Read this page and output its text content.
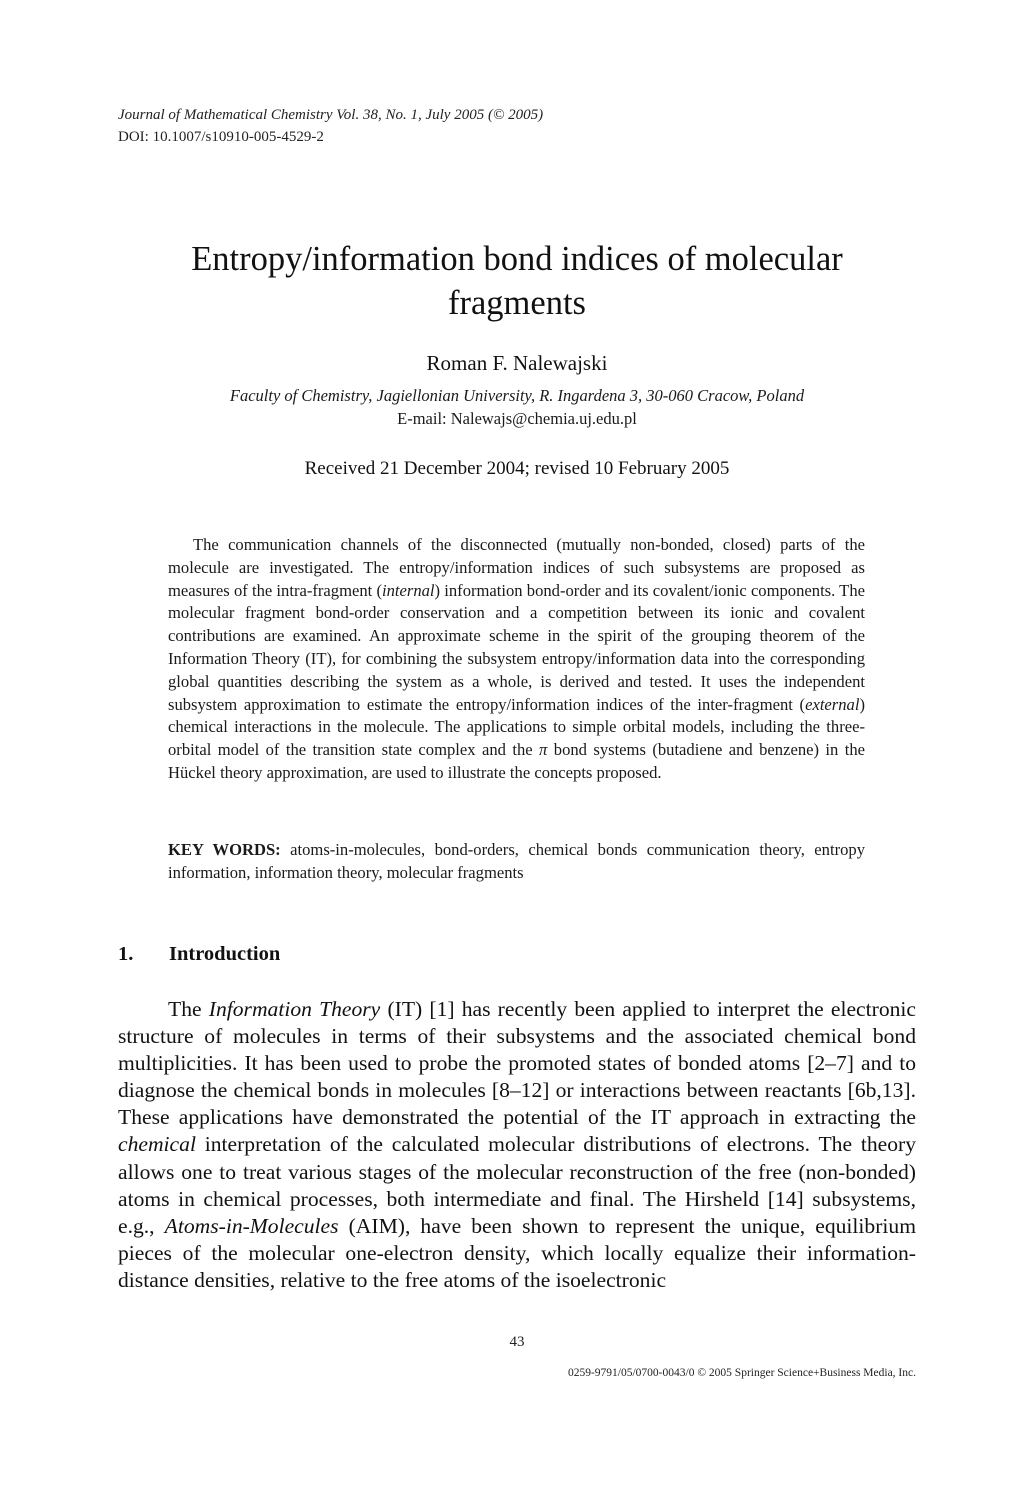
Journal of Mathematical Chemistry Vol. 38, No. 1, July 2005 (© 2005)
DOI: 10.1007/s10910-005-4529-2
Entropy/information bond indices of molecular fragments
Roman F. Nalewajski
Faculty of Chemistry, Jagiellonian University, R. Ingardena 3, 30-060 Cracow, Poland
E-mail: Nalewajs@chemia.uj.edu.pl
Received 21 December 2004; revised 10 February 2005

The communication channels of the disconnected (mutually non-bonded, closed) parts of the molecule are investigated. The entropy/information indices of such subsystems are proposed as measures of the intra-fragment (internal) information bond-order and its covalent/ionic components. The molecular fragment bond-order conservation and a competition between its ionic and covalent contributions are examined. An approximate scheme in the spirit of the grouping theorem of the Information Theory (IT), for combining the subsystem entropy/information data into the corresponding global quantities describing the system as a whole, is derived and tested. It uses the independent subsystem approximation to estimate the entropy/information indices of the inter-fragment (external) chemical interactions in the molecule. The applications to simple orbital models, including the three-orbital model of the transition state complex and the π bond systems (butadiene and benzene) in the Hückel theory approximation, are used to illustrate the concepts proposed.

KEY WORDS: atoms-in-molecules, bond-orders, chemical bonds communication theory, entropy information, information theory, molecular fragments

1. Introduction

The Information Theory (IT) [1] has recently been applied to interpret the electronic structure of molecules in terms of their subsystems and the associated chemical bond multiplicities. It has been used to probe the promoted states of bonded atoms [2–7] and to diagnose the chemical bonds in molecules [8–12] or interactions between reactants [6b,13]. These applications have demonstrated the potential of the IT approach in extracting the chemical interpretation of the calculated molecular distributions of electrons. The theory allows one to treat various stages of the molecular reconstruction of the free (non-bonded) atoms in chemical processes, both intermediate and final. The Hirsheld [14] subsystems, e.g., Atoms-in-Molecules (AIM), have been shown to represent the unique, equilibrium pieces of the molecular one-electron density, which locally equalize their information-distance densities, relative to the free atoms of the isoelectronic

43
0259-9791/05/0700-0043/0 © 2005 Springer Science+Business Media, Inc.
